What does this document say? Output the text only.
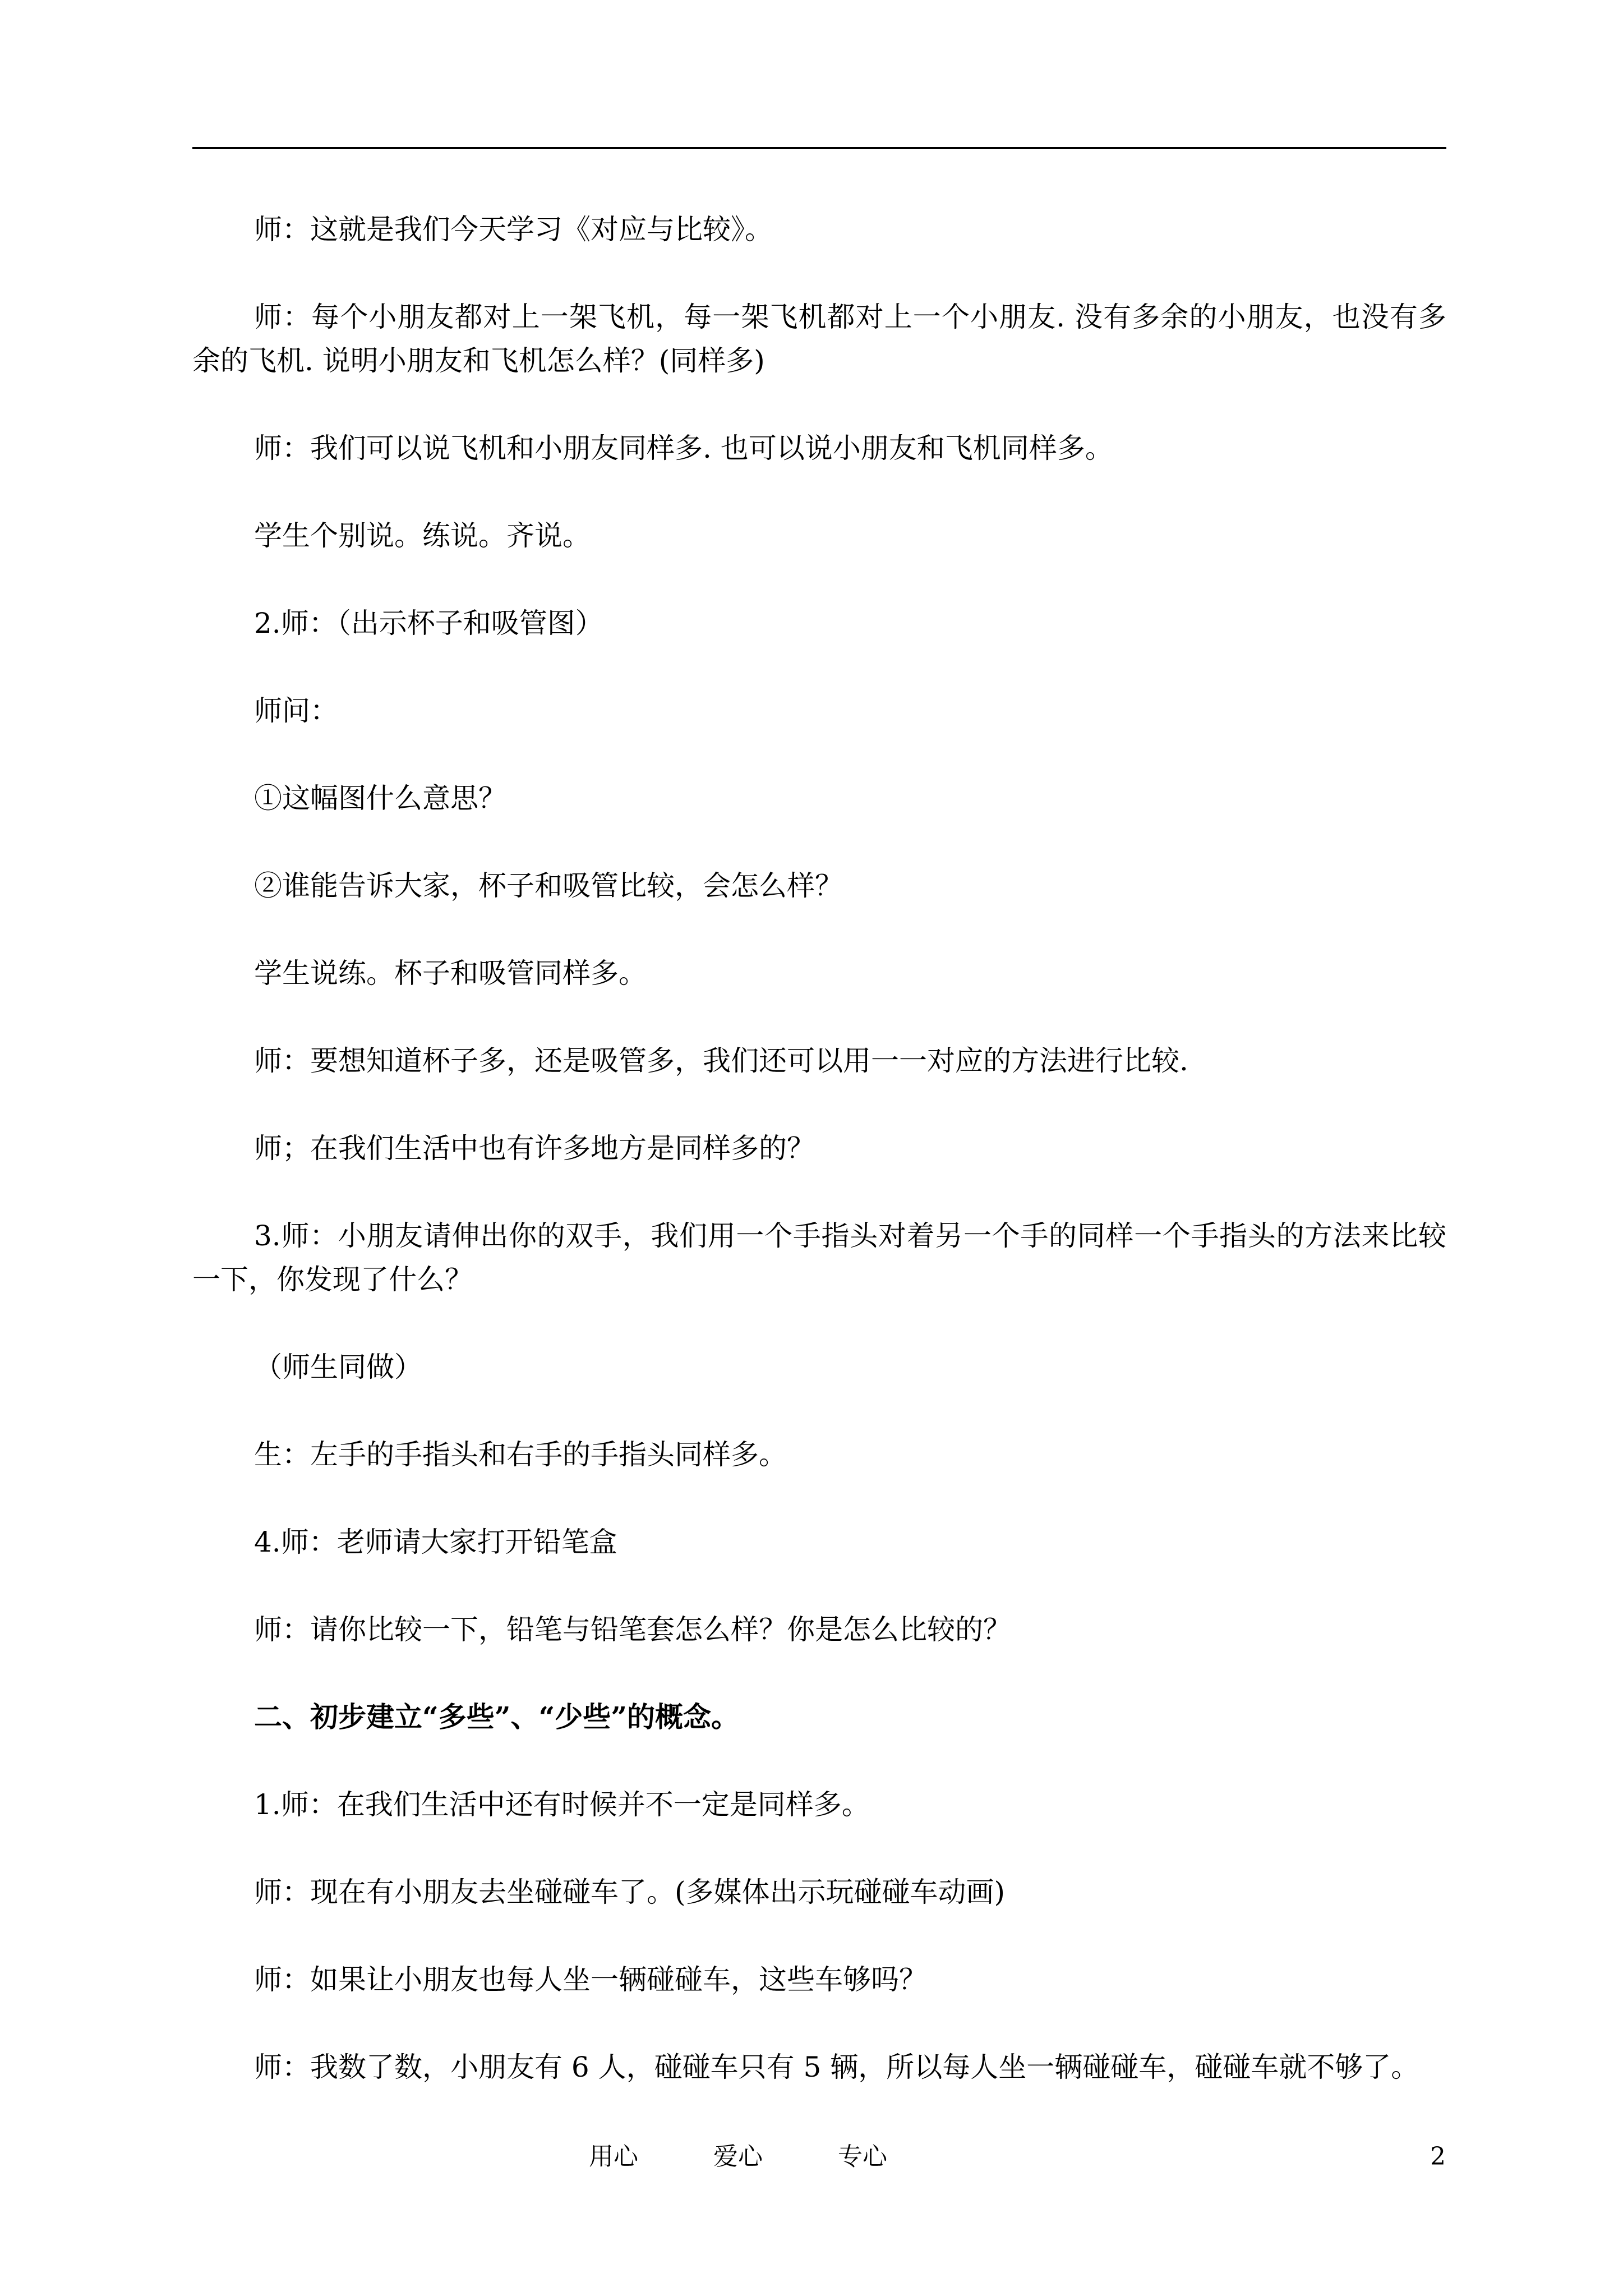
师：这就是我们今天学习《对应与比较》。

师：每个小朋友都对上一架飞机，每一架飞机都对上一个小朋友. 没有多余的小朋友，也没有多余的飞机. 说明小朋友和飞机怎么样？(同样多)

师：我们可以说飞机和小朋友同样多. 也可以说小朋友和飞机同样多。

学生个别说。练说。齐说。

2.师：（出示杯子和吸管图）

师问：

①这幅图什么意思？

②谁能告诉大家，杯子和吸管比较，会怎么样？

学生说练。杯子和吸管同样多。

师：要想知道杯子多，还是吸管多，我们还可以用一一对应的方法进行比较.

师；在我们生活中也有许多地方是同样多的？

3.师：小朋友请伸出你的双手，我们用一个手指头对着另一个手的同样一个手指头的方法来比较一下，你发现了什么？

（师生同做）

生：左手的手指头和右手的手指头同样多。

4.师：老师请大家打开铅笔盒

师：请你比较一下，铅笔与铅笔套怎么样？你是怎么比较的？

二、初步建立“多些”、“少些”的概念。

1.师：在我们生活中还有时候并不一定是同样多。

师：现在有小朋友去坐碰碰车了。(多媒体出示玩碰碰车动画)

师：如果让小朋友也每人坐一辆碰碰车，这些车够吗？

师：我数了数，小朋友有 6 人，碰碰车只有 5 辆，所以每人坐一辆碰碰车，碰碰车就不够了。

用心	爱心	专心	2
